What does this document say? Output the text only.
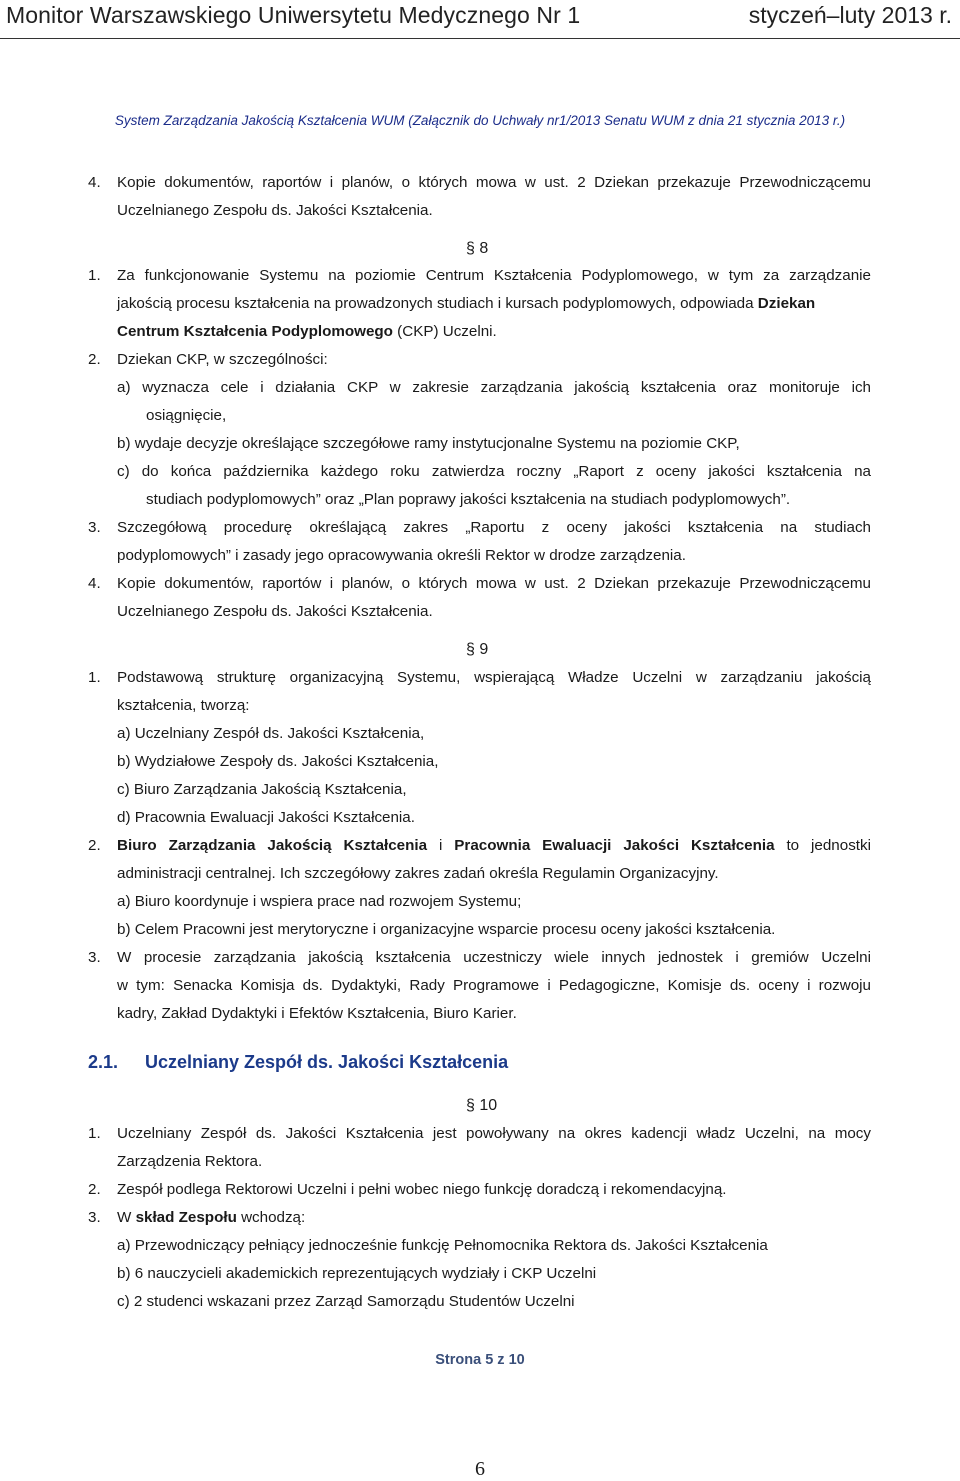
Monitor Warszawskiego Uniwersytetu Medycznego Nr 1	styczeń–luty 2013 r.
System Zarządzania Jakością Kształcenia WUM (Załącznik do Uchwały nr1/2013 Senatu WUM z dnia 21 stycznia 2013 r.)
4. Kopie dokumentów, raportów i planów, o których mowa w ust. 2 Dziekan przekazuje Przewodniczącemu
Uczelnianego Zespołu ds. Jakości Kształcenia.
§ 8
1. Za funkcjonowanie Systemu na poziomie Centrum Kształcenia Podyplomowego, w tym za zarządzanie
jakością procesu kształcenia na prowadzonych studiach i kursach podyplomowych, odpowiada Dziekan
Centrum Kształcenia Podyplomowego (CKP) Uczelni.
2. Dziekan CKP, w szczególności:
a) wyznacza cele i działania CKP w zakresie zarządzania jakością kształcenia oraz monitoruje ich
osiągnięcie,
b) wydaje decyzje określające szczegółowe ramy instytucjonalne Systemu na poziomie CKP,
c) do końca października każdego roku zatwierdza roczny „Raport z oceny jakości kształcenia na
studiach podyplomowych” oraz „Plan poprawy jakości kształcenia na studiach podyplomowych”.
3. Szczegółową procedurę określającą zakres „Raportu z oceny jakości kształcenia na studiach
podyplomowych” i zasady jego opracowywania określi Rektor w drodze zarządzenia.
4. Kopie dokumentów, raportów i planów, o których mowa w ust. 2 Dziekan przekazuje Przewodniczącemu
Uczelnianego Zespołu ds. Jakości Kształcenia.
§ 9
1. Podstawową strukturę organizacyjną Systemu, wspierającą Władze Uczelni w zarządzaniu jakością
kształcenia, tworzą:
a) Uczelniany Zespół ds. Jakości Kształcenia,
b) Wydziałowe Zespoły ds. Jakości Kształcenia,
c) Biuro Zarządzania Jakością Kształcenia,
d) Pracownia Ewaluacji Jakości Kształcenia.
2. Biuro Zarządzania Jakością Kształcenia i Pracownia Ewaluacji Jakości Kształcenia to jednostki
administracji centralnej. Ich szczegółowy zakres zadań określa Regulamin Organizacyjny.
a) Biuro koordynuje i wspiera prace nad rozwojem Systemu;
b) Celem Pracowni jest merytoryczne i organizacyjne wsparcie procesu oceny jakości kształcenia.
3. W procesie zarządzania jakością kształcenia uczestniczy wiele innych jednostek i gremiów Uczelni
w tym: Senacka Komisja ds. Dydaktyki, Rady Programowe i Pedagogiczne, Komisje ds. oceny i rozwoju
kadry, Zakład Dydaktyki i Efektów Kształcenia, Biuro Karier.
2.1. Uczelniany Zespół ds. Jakości Kształcenia
§ 10
1. Uczelniany Zespół ds. Jakości Kształcenia jest powoływany na okres kadencji władz Uczelni, na mocy
Zarządzenia Rektora.
2. Zespół podlega Rektorowi Uczelni i pełni wobec niego funkcję doradczą i rekomendacyjną.
3. W skład Zespołu wchodzą:
a) Przewodniczący pełniący jednocześnie funkcję Pełnomocnika Rektora ds. Jakości Kształcenia
b) 6 nauczycieli akademickich reprezentujących wydziały i CKP Uczelni
c) 2 studenci wskazani przez Zarząd Samorządu Studentów Uczelni
Strona 5 z 10
6
